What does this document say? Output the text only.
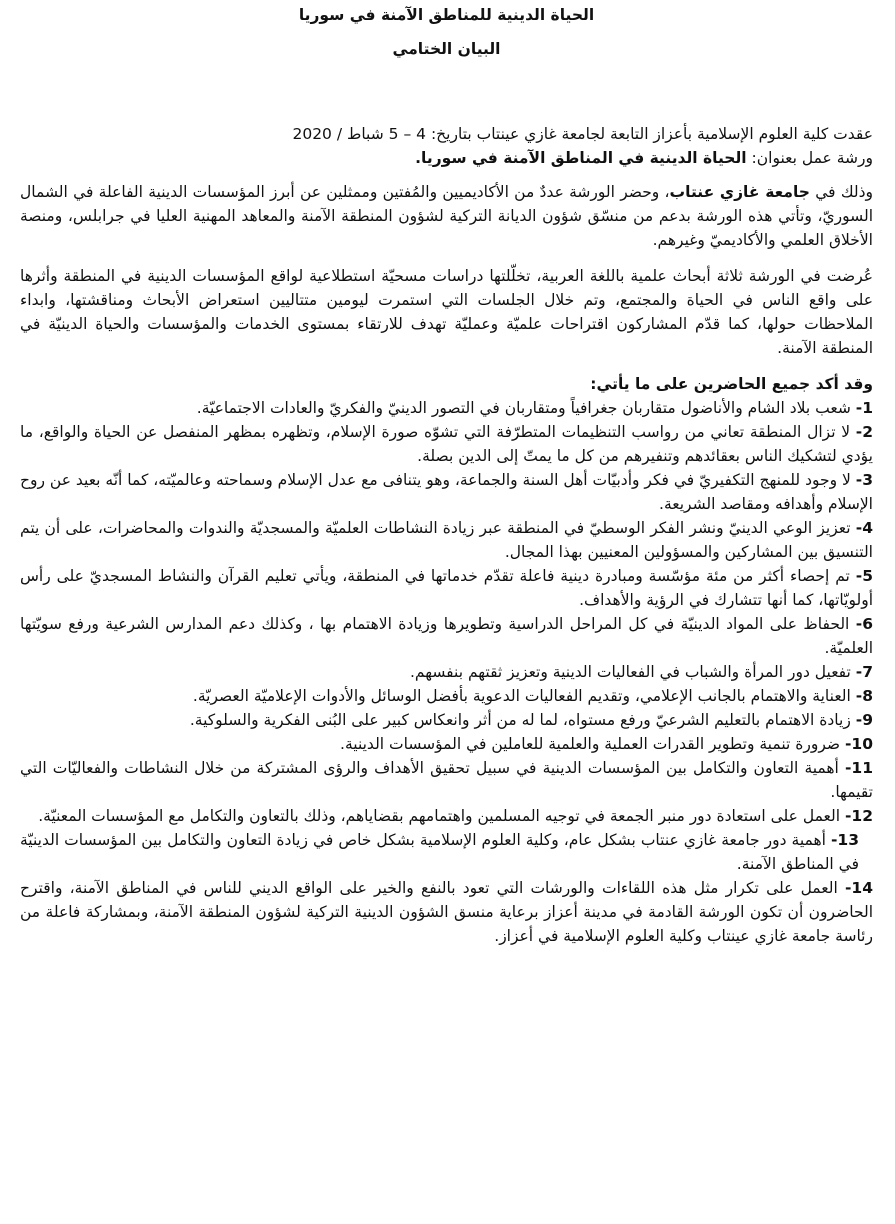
الحياة الدينية للمناطق الآمنة في سوريا
البيان الختامي

عقدت كلية العلوم الإسلامية بأعزاز التابعة لجامعة غازي عينتاب بتاريخ: 4 – 5 شباط / 2020

ورشة عمل بعنوان: الحياة الدينية في المناطق الآمنة في سوريا.

وذلك في جامعة غازي عنتاب، وحضر الورشة عددٌ من الأكاديميين والمُفتين وممثلين عن أبرز المؤسسات الدينية الفاعلة في الشمال السوريّ، وتأتي هذه الورشة بدعم من منسّق شؤون الديانة التركية لشؤون المنطقة الآمنة والمعاهد المهنية العليا في جرابلس، ومنصة الأخلاق العلمي والأكاديميّ وغيرهم.

عُرضت في الورشة ثلاثة أبحاث علمية باللغة العربية، تخلّلتها دراسات مسحيّة استطلاعية لواقع المؤسسات الدينية في المنطقة وأثرها على واقع الناس في الحياة والمجتمع، وتم خلال الجلسات التي استمرت ليومين متتاليين استعراض الأبحاث ومناقشتها، وابداء الملاحظات حولها، كما قدّم المشاركون اقتراحات علميّة وعمليّة تهدف للارتقاء بمستوى الخدمات والمؤسسات والحياة الدينيّة في المنطقة الآمنة.

وقد أكد جميع الحاضرين على ما يأتي:

1- شعب بلاد الشام والأناضول متقاربان جغرافياً ومتقاربان في التصور الدينيّ والفكريّ والعادات الاجتماعيّة.

2- لا تزال المنطقة تعاني من رواسب التنظيمات المتطرّفة التي تشوّه صورة الإسلام، وتظهره بمظهر المنفصل عن الحياة والواقع، ما يؤدي لتشكيك الناس بعقائدهم وتنفيرهم من كل ما يمتّ إلى الدين بصلة.

3- لا وجود للمنهج التكفيريّ في فكر وأدبيّات أهل السنة والجماعة، وهو يتنافى مع عدل الإسلام وسماحته وعالميّته، كما أنّه بعيد عن روح الإسلام وأهدافه ومقاصد الشريعة.

4- تعزيز الوعي الدينيّ ونشر الفكر الوسطيّ في المنطقة عبر زيادة النشاطات العلميّة والمسجديّة والندوات والمحاضرات، على أن يتم التنسيق بين المشاركين والمسؤولين المعنيين بهذا المجال.

5- تم إحصاء أكثر من مئة مؤسّسة ومبادرة دينية فاعلة تقدّم خدماتها في المنطقة، ويأتي تعليم القرآن والنشاط المسجديّ على رأس أولويّاتها، كما أنها تتشارك في الرؤية والأهداف.

6- الحفاظ على المواد الدينيّة في كل المراحل الدراسية وتطويرها وزيادة الاهتمام بها ، وكذلك دعم المدارس الشرعية ورفع سويّتها العلميّة.

7- تفعيل دور المرأة والشباب في الفعاليات الدينية وتعزيز ثقتهم بنفسهم.

8- العناية والاهتمام بالجانب الإعلامي، وتقديم الفعاليات الدعوية بأفضل الوسائل والأدوات الإعلاميّة العصريّة.

9- زيادة الاهتمام بالتعليم الشرعيّ ورفع مستواه، لما له من أثر وانعكاس كبير على البُنى الفكرية والسلوكية.

10- ضرورة تنمية وتطوير القدرات العملية والعلمية للعاملين في المؤسسات الدينية.

11- أهمية التعاون والتكامل بين المؤسسات الدينية في سبيل تحقيق الأهداف والرؤى المشتركة من خلال النشاطات والفعاليّات التي تقيمها.

12- العمل على استعادة دور منبر الجمعة في توجيه المسلمين واهتمامهم بقضاياهم، وذلك بالتعاون والتكامل مع المؤسسات المعنيّة.

13- أهمية دور جامعة غازي عنتاب بشكل عام، وكلية العلوم الإسلامية بشكل خاص في زيادة التعاون والتكامل بين المؤسسات الدينيّة في المناطق الآمنة.

14- العمل على تكرار مثل هذه اللقاءات والورشات التي تعود بالنفع والخير على الواقع الديني للناس في المناطق الآمنة، واقترح الحاضرون أن تكون الورشة القادمة في مدينة أعزاز برعاية منسق الشؤون الدينية التركية لشؤون المنطقة الآمنة، وبمشاركة فاعلة من رئاسة جامعة غازي عينتاب وكلية العلوم الإسلامية في أعزاز.
